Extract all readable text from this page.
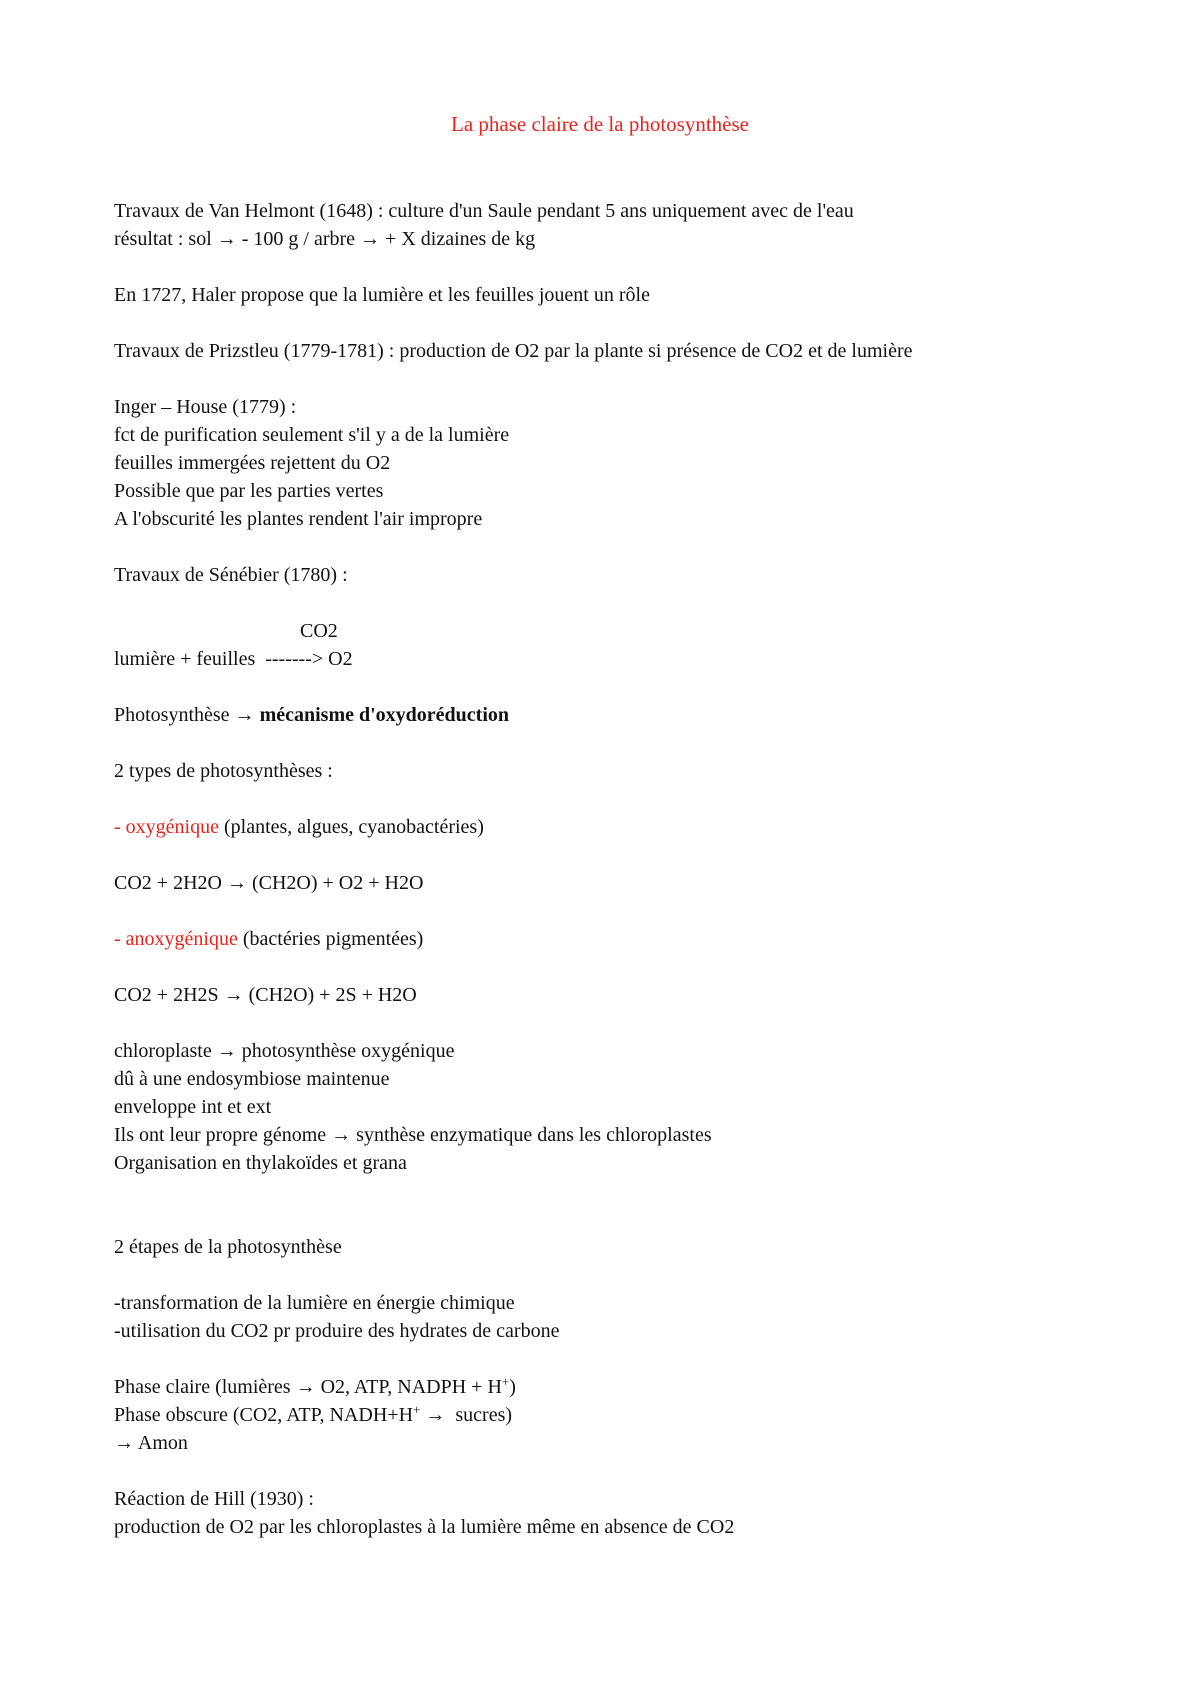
La phase claire de la photosynthèse
Travaux de Van Helmont (1648) : culture d'un Saule pendant 5 ans uniquement avec de l'eau
résultat : sol → - 100 g / arbre → + X dizaines de kg
En 1727, Haler propose que la lumière et les feuilles jouent un rôle
Travaux de Prizstleu (1779-1781) : production de O2 par la plante si présence de CO2 et de lumière
Inger – House (1779) :
fct de purification seulement s'il y a de la lumière
feuilles immergées rejettent du O2
Possible que par les parties vertes
A l'obscurité les plantes rendent l'air impropre
Travaux de Sénébier (1780) :
CO2
lumière + feuilles  -------> O2
Photosynthèse → mécanisme d'oxydoréduction
2 types de photosynthèses :
- oxygénique (plantes, algues, cyanobactéries)
CO2 + 2H2O → (CH2O) + O2 + H2O
- anoxygénique (bactéries pigmentées)
CO2 + 2H2S → (CH2O) + 2S + H2O
chloroplaste → photosynthèse oxygénique
dû à une endosymbiose maintenue
enveloppe int et ext
Ils ont leur propre génome → synthèse enzymatique dans les chloroplastes
Organisation en thylakoïdes et grana
2 étapes de la photosynthèse
-transformation de la lumière en énergie chimique
-utilisation du CO2 pr produire des hydrates de carbone
Phase claire (lumières → O2, ATP, NADPH + H+)
Phase obscure (CO2, ATP, NADH+H+ →  sucres)
→ Amon
Réaction de Hill (1930) :
production de O2 par les chloroplastes à la lumière même en absence de CO2
